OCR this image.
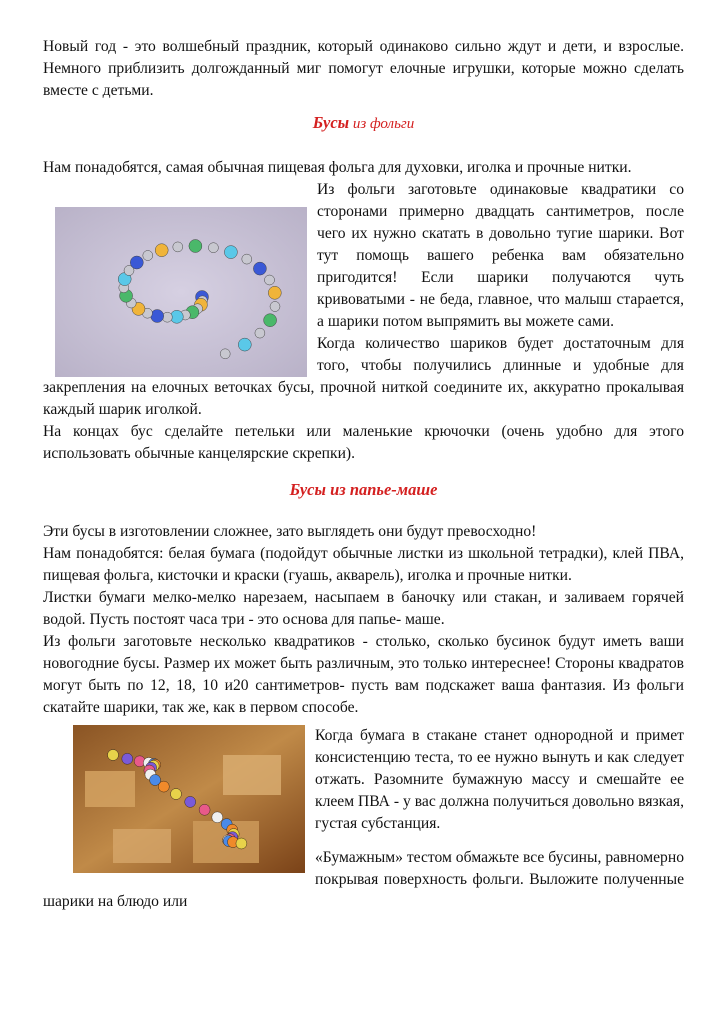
Новый год - это волшебный праздник, который одинаково сильно ждут и дети, и взрослые. Немного приблизить долгожданный миг помогут елочные игрушки, которые можно сделать вместе с детьми.

Бусы из фольги

Нам понадобятся, самая обычная пищевая фольга для духовки, иголка и прочные нитки.

Из фольги заготовьте одинаковые квадратики со сторонами примерно двадцать сантиметров, после чего их нужно скатать в довольно тугие шарики. Вот тут помощь вашего ребенка вам обязательно пригодится! Если шарики получаются чуть кривоватыми - не беда, главное, что малыш старается, а шарики потом выпрямить вы можете сами.

Когда количество шариков будет достаточным для того, чтобы получились длинные и удобные для закрепления на елочных веточках бусы, прочной ниткой соедините их, аккуратно прокалывая каждый шарик иголкой.

На концах бус сделайте петельки или маленькие крючочки (очень удобно для этого использовать обычные канцелярские скрепки).

Бусы из папье-маше

Эти бусы в изготовлении сложнее, зато выглядеть они будут превосходно!

Нам понадобятся: белая бумага (подойдут обычные листки из школьной тетрадки), клей ПВА, пищевая фольга, кисточки и краски (гуашь, акварель), иголка и прочные нитки.

Листки бумаги мелко-мелко нарезаем, насыпаем в баночку или стакан, и заливаем горячей водой. Пусть постоят часа три - это основа для папье- маше.

Из фольги заготовьте несколько квадратиков - столько, сколько бусинок будут иметь ваши новогодние бусы. Размер их может быть различным, это только интереснее! Стороны квадратов могут быть по 12, 18, 10 и20 сантиметров- пусть вам подскажет ваша фантазия. Из фольги скатайте шарики, так же, как в первом способе.

Когда бумага в стакане станет однородной и примет консистенцию теста, то ее нужно вынуть и как следует отжать. Разомните бумажную массу и смешайте ее клеем ПВА - у вас должна получиться довольно вязкая, густая субстанция.

«Бумажным» тестом обмажьте все бусины, равномерно покрывая поверхность фольги. Выложите полученные шарики на блюдо или
